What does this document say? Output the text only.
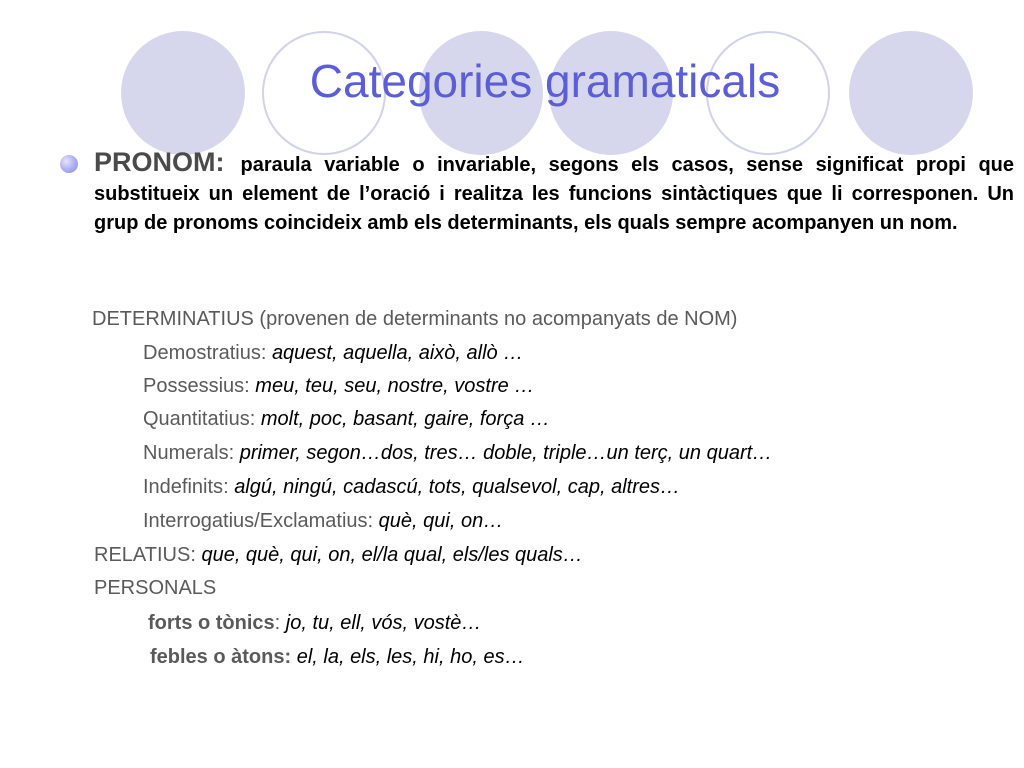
Categories gramaticals
PRONOM: paraula variable o invariable, segons els casos, sense significat propi que substitueix un element de l’oració i realitza les funcions sintàctiques que li corresponen. Un grup de pronoms coincideix amb els determinants, els quals sempre acompanyen un nom.
DETERMINATIUS (provenen de determinants no acompanyats de NOM)
Demostratius: aquest, aquella, això, allò …
Possessius: meu, teu, seu, nostre, vostre …
Quantitatius: molt, poc, basant, gaire, força …
Numerals: primer, segon…dos, tres… doble, triple…un terç, un quart…
Indefinits: algú, ningú, cadascú, tots, qualsevol, cap, altres…
Interrogatius/Exclamatius: què, qui, on…
RELATIUS: que, què, qui, on, el/la qual, els/les quals…
PERSONALS
forts o tònics: jo, tu, ell, vós, vostè…
febles o àtons: el, la, els, les, hi, ho, es…
